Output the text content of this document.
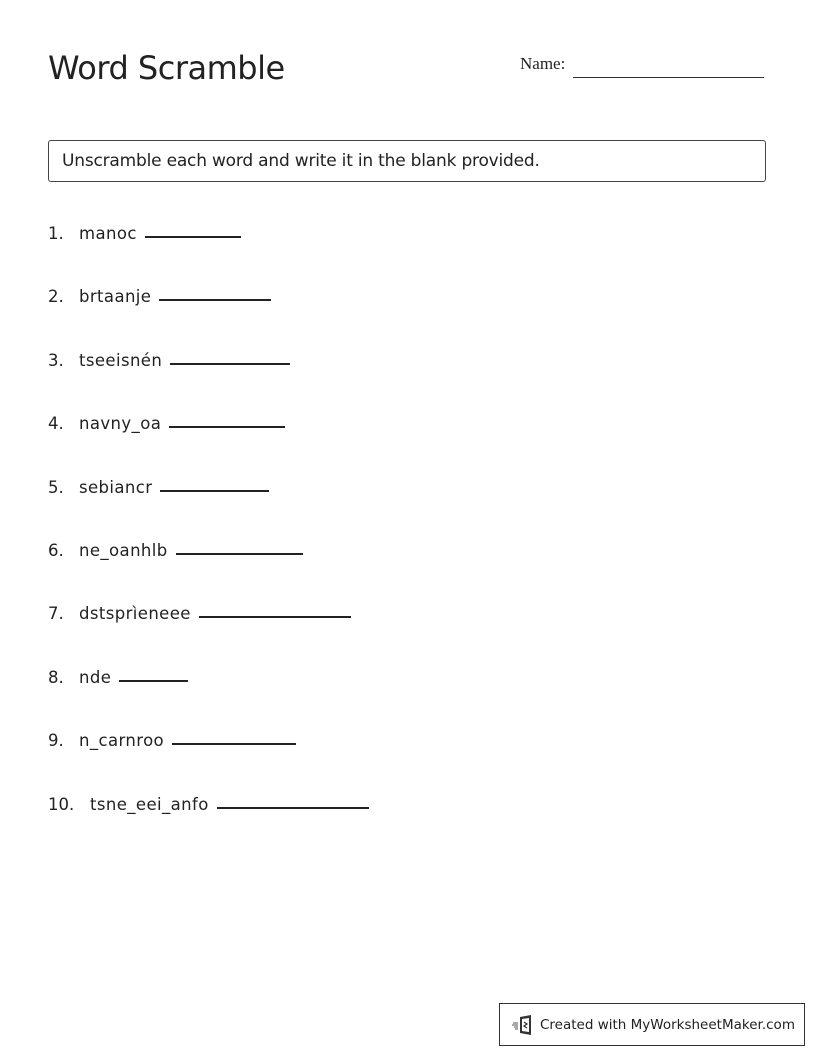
Word Scramble	Name:
Unscramble each word and write it in the blank provided.
1. manoc
2. brtaanje
3. tseeisnén
4. navny_oa
5. sebiancr
6. ne_oanhlb
7. dstsprìeneee
8. nde
9. n_carnroo
10. tsne_eei_anfo
Created with MyWorksheetMaker.com
